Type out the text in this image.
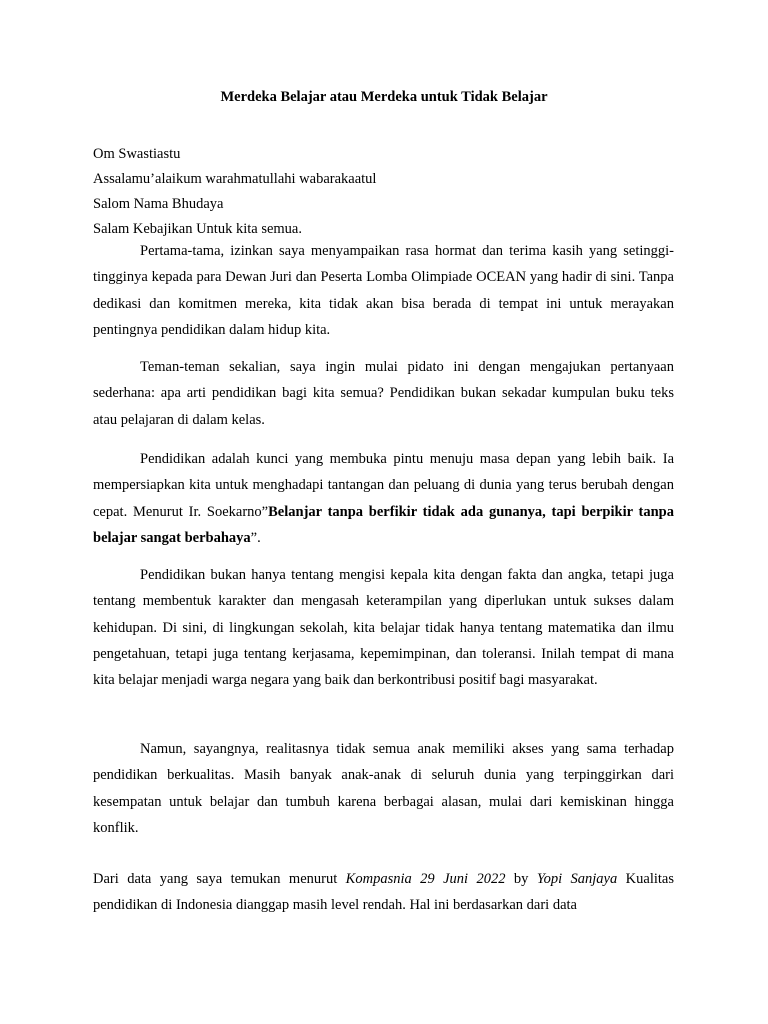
Merdeka Belajar atau Merdeka untuk Tidak Belajar
Om Swastiastu
Assalamu’alaikum warahmatullahi wabarakaatul
Salom Nama Bhudaya
Salam Kebajikan Untuk kita semua.

Pertama-tama, izinkan saya menyampaikan rasa hormat dan terima kasih yang setinggi-tingginya kepada para Dewan Juri dan Peserta Lomba Olimpiade OCEAN yang hadir di sini. Tanpa dedikasi dan komitmen mereka, kita tidak akan bisa berada di tempat ini untuk merayakan pentingnya pendidikan dalam hidup kita.

Teman-teman sekalian, saya ingin mulai pidato ini dengan mengajukan pertanyaan sederhana: apa arti pendidikan bagi kita semua? Pendidikan bukan sekadar kumpulan buku teks atau pelajaran di dalam kelas.

Pendidikan adalah kunci yang membuka pintu menuju masa depan yang lebih baik. Ia mempersiapkan kita untuk menghadapi tantangan dan peluang di dunia yang terus berubah dengan cepat. Menurut Ir. Soekarno”Belanjar tanpa berfikir tidak ada gunanya, tapi berpikir tanpa belajar sangat berbahaya”.

Pendidikan bukan hanya tentang mengisi kepala kita dengan fakta dan angka, tetapi juga tentang membentuk karakter dan mengasah keterampilan yang diperlukan untuk sukses dalam kehidupan. Di sini, di lingkungan sekolah, kita belajar tidak hanya tentang matematika dan ilmu pengetahuan, tetapi juga tentang kerjasama, kepemimpinan, dan toleransi. Inilah tempat di mana kita belajar menjadi warga negara yang baik dan berkontribusi positif bagi masyarakat.

Namun, sayangnya, realitasnya tidak semua anak memiliki akses yang sama terhadap pendidikan berkualitas. Masih banyak anak-anak di seluruh dunia yang terpinggirkan dari kesempatan untuk belajar dan tumbuh karena berbagai alasan, mulai dari kemiskinan hingga konflik.

Dari data yang saya temukan menurut Kompasnia 29 Juni 2022 by Yopi Sanjaya Kualitas pendidikan di Indonesia dianggap masih level rendah. Hal ini berdasarkan dari data
